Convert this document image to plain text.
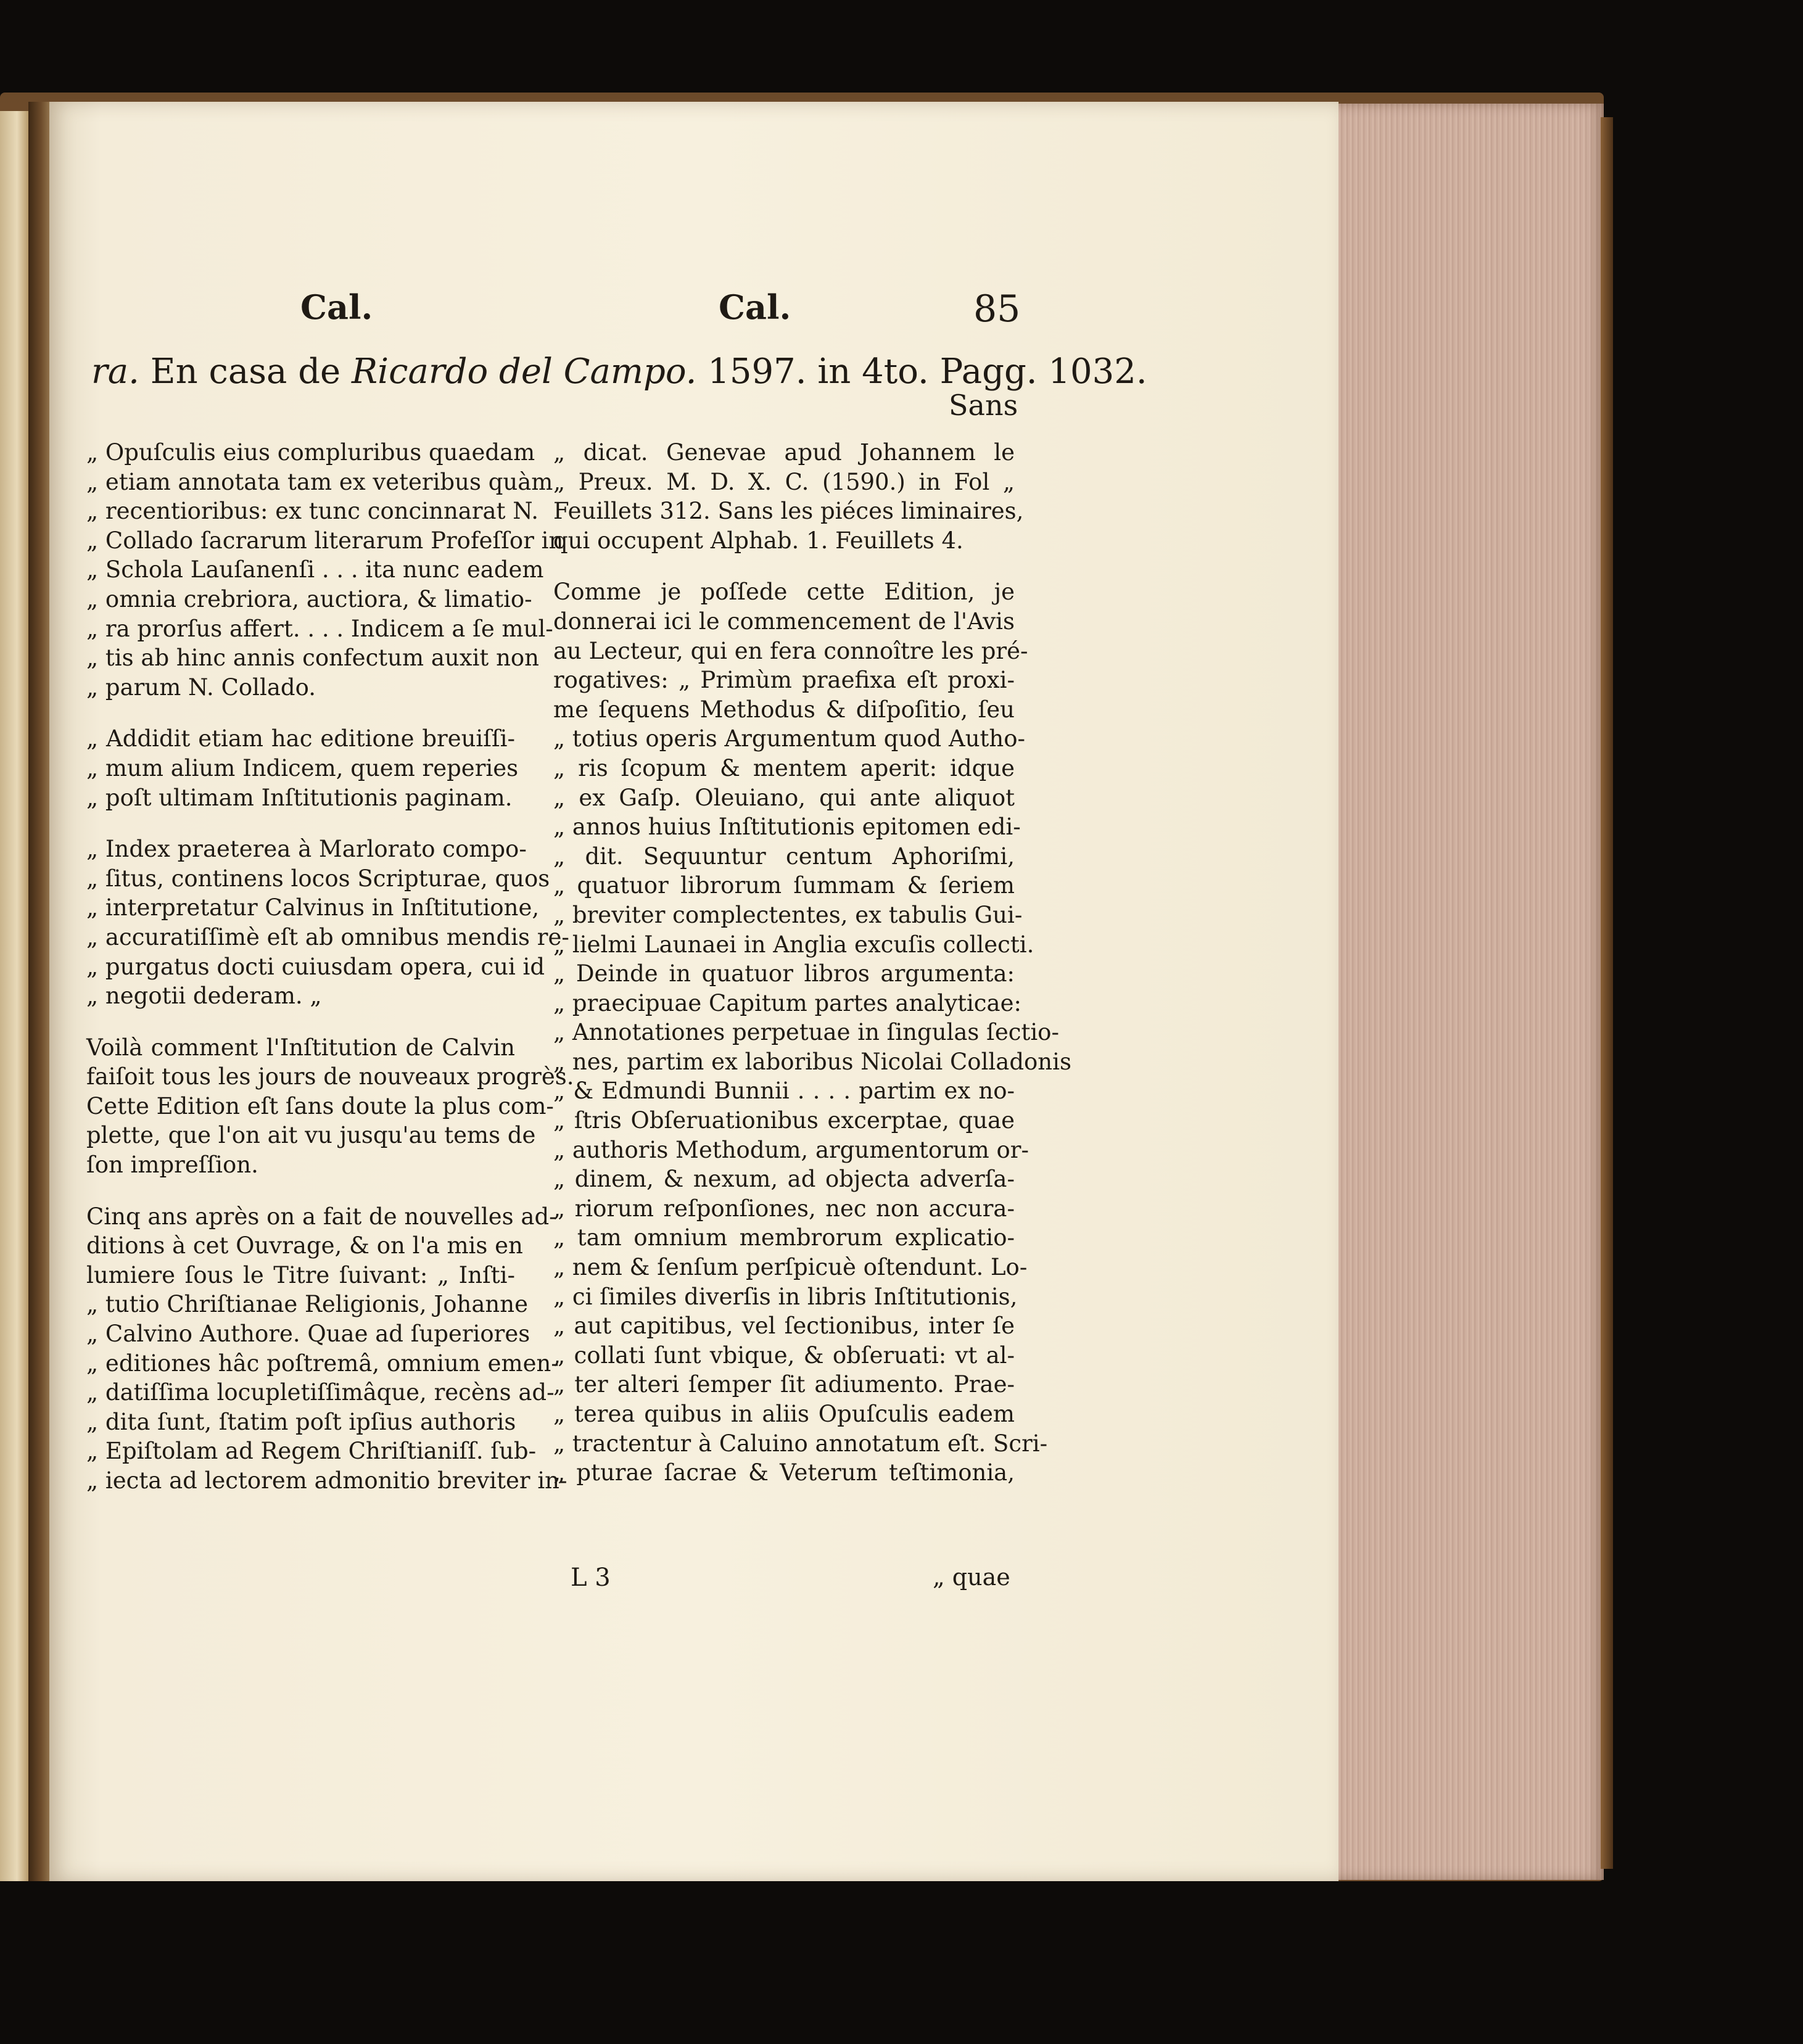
Cal.	Cal.	85
ra. En casa de Ricardo del Campo. 1597. in 4to. Pagg. 1032.
Sans
„ Opuſculis eius compluribus quaedam
„ etiam annotata tam ex veteribus quàm
„ recentioribus: ex tunc concinnarat N.
„ Collado ſacrarum literarum Profeſſor in
„ Schola Lauſanenſi . . . ita nunc eadem
„ omnia crebriora, auctiora, & limatio-
„ ra prorſus affert. . . . Indicem a ſe mul-
„ tis ab hinc annis confectum auxit non
„ parum N. Collado.
„ Addidit etiam hac editione breuiſſi-
„ mum alium Indicem, quem reperies
„ poſt ultimam Inſtitutionis paginam.
„ Index praeterea à Marlorato compo-
„ ſitus, continens locos Scripturae, quos
„ interpretatur Calvinus in Inſtitutione,
„ accuratiſſimè eſt ab omnibus mendis re-
„ purgatus docti cuiusdam opera, cui id
„ negotii dederam. „
Voilà comment l'Inſtitution de Calvin
faiſoit tous les jours de nouveaux progrès.
Cette Edition eſt ſans doute la plus com-
plette, que l'on ait vu jusqu'au tems de
ſon impreſſion.
Cinq ans après on a fait de nouvelles ad-
ditions à cet Ouvrage, & on l'a mis en
lumiere ſous le Titre ſuivant: „ Inſti-
„ tutio Chriſtianae Religionis, Johanne
„ Calvino Authore. Quae ad ſuperiores
„ editiones hâc poſtremâ, omnium emen-
„ datiſſima locupletiſſimâque, recèns ad-
„ dita ſunt, ſtatim poſt ipſius authoris
„ Epiſtolam ad Regem Chriſtianiſſ. ſub-
„ iecta ad lectorem admonitio breviter in-
„ dicat. Genevae apud Johannem le
„ Preux. M. D. X. C. (1590.) in Fol „
Feuillets 312. Sans les piéces liminaires,
qui occupent Alphab. 1. Feuillets 4.
Comme je poſſede cette Edition, je
donnerai ici le commencement de l'Avis
au Lecteur, qui en fera connoître les pré-
rogatives: „ Primùm praefixa eſt proxi-
me ſequens Methodus & diſpoſitio, ſeu
„ totius operis Argumentum quod Autho-
„ ris ſcopum & mentem aperit: idque
„ ex Gaſp. Oleuiano, qui ante aliquot
„ annos huius Inſtitutionis epitomen edi-
„ dit. Sequuntur centum Aphoriſmi,
„ quatuor librorum ſummam & ſeriem
„ breviter complectentes, ex tabulis Gui-
„ lielmi Launaei in Anglia excuſis collecti.
„ Deinde in quatuor libros argumenta:
„ praecipuae Capitum partes analyticae:
„ Annotationes perpetuae in ſingulas ſectio-
„ nes, partim ex laboribus Nicolai Colladonis
„ & Edmundi Bunnii . . . . partim ex no-
„ ſtris Obſeruationibus excerptae, quae
„ authoris Methodum, argumentorum or-
„ dinem, & nexum, ad objecta adverſa-
„ riorum reſponſiones, nec non accura-
„ tam omnium membrorum explicatio-
„ nem & ſenſum perſpicuè oſtendunt. Lo-
„ ci ſimiles diverſis in libris Inſtitutionis,
„ aut capitibus, vel ſectionibus, inter ſe
„ collati ſunt vbique, & obſeruati: vt al-
„ ter alteri ſemper ſit adiumento. Prae-
„ terea quibus in aliis Opuſculis eadem
„ tractentur à Caluino annotatum eſt. Scri-
„ pturae ſacrae & Veterum teſtimonia,
L 3	„ quae
